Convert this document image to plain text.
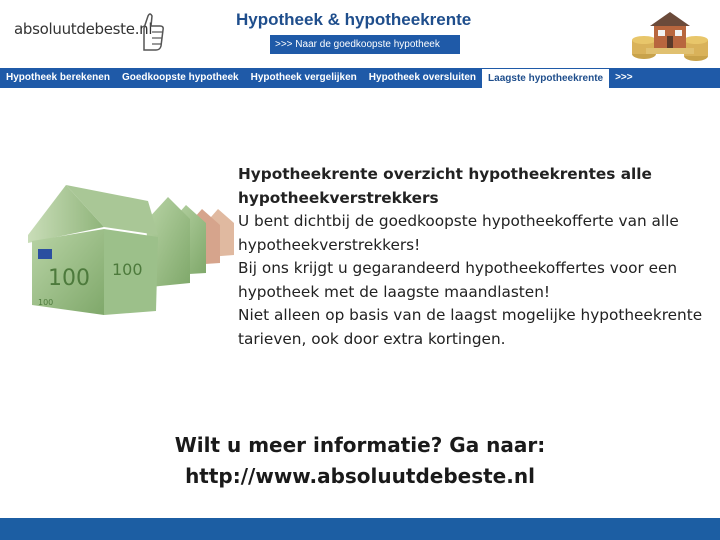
absoluutdebeste.nl	Hypotheek & hypotheekrente
>>> Naar de goedkoopste hypotheek
Hypotheek berekenen	Goedkoopste hypotheek	Hypotheek vergelijken	Hypotheek oversluiten	Laagste hypotheekrente	>>>
100 100
100

Hypotheekrente overzicht hypotheekrentes alle hypotheekverstrekkers

U bent dichtbij de goedkoopste hypotheekofferte van alle hypotheekverstrekkers!

Bij ons krijgt u gegarandeerd hypotheekoffertes voor een hypotheek met de laagste maandlasten!

Niet alleen op basis van de laagst mogelijke hypotheekrente tarieven, ook door extra kortingen.

Wilt u meer informatie? Ga naar:
http://www.absoluutdebeste.nl
